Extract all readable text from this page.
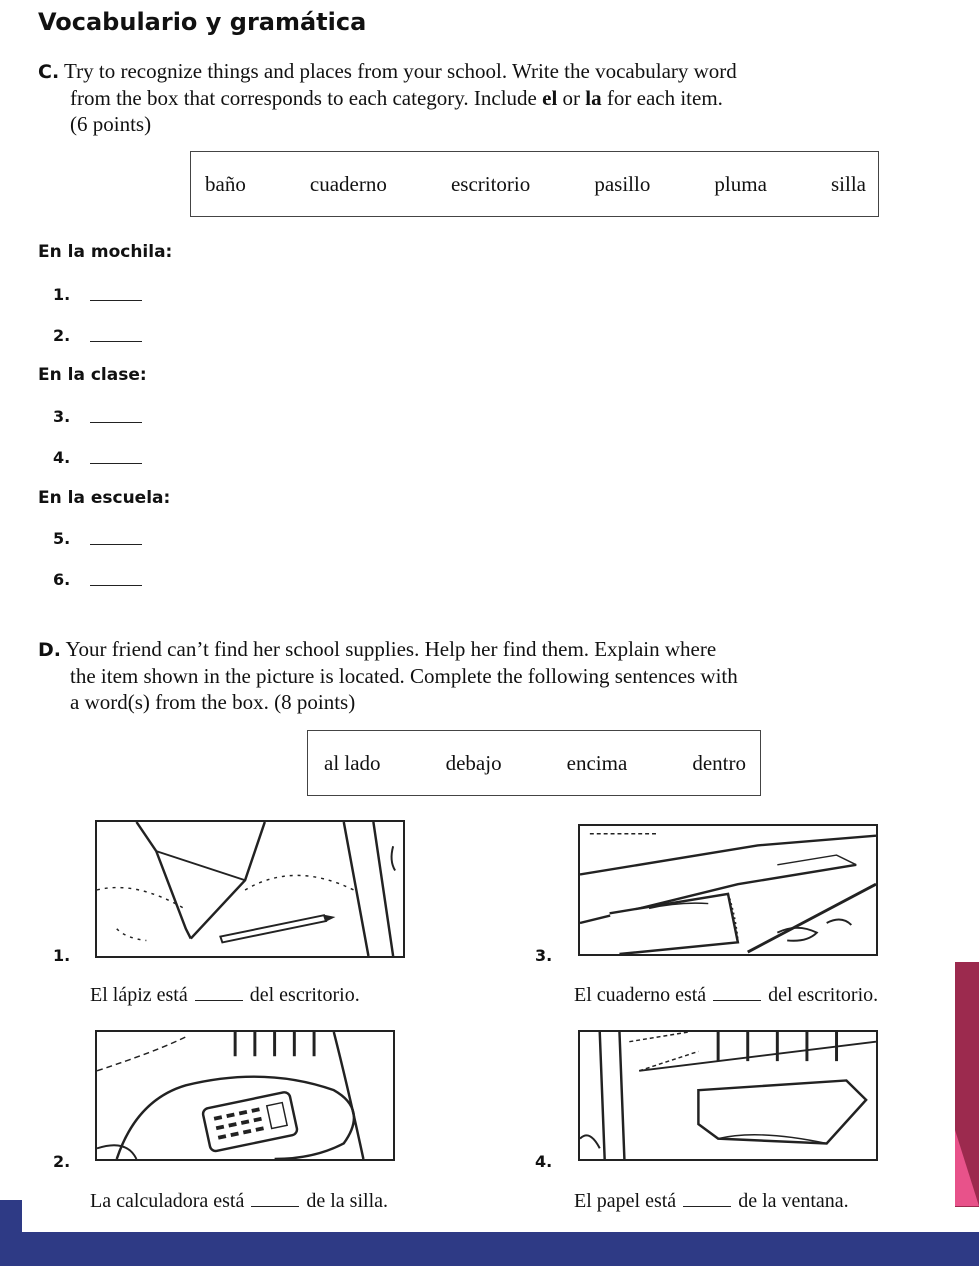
Vocabulario y gramática
C. Try to recognize things and places from your school. Write the vocabulary word
from the box that corresponds to each category. Include el or la for each item.
(6 points)
baño	cuaderno	escritorio	pasillo	pluma	silla
En la mochila:
1.
2.
En la clase:
3.
4.
En la escuela:
5.
6.
D. Your friend can’t find her school supplies. Help her find them. Explain where
the item shown in the picture is located. Complete the following sentences with
a word(s) from the box. (8 points)
al lado	debajo	encima	dentro
1.
El lápiz está	del escritorio.
2.
La calculadora está	de la silla.
3.
El cuaderno está	del escritorio.
4.
El papel está	de la ventana.
